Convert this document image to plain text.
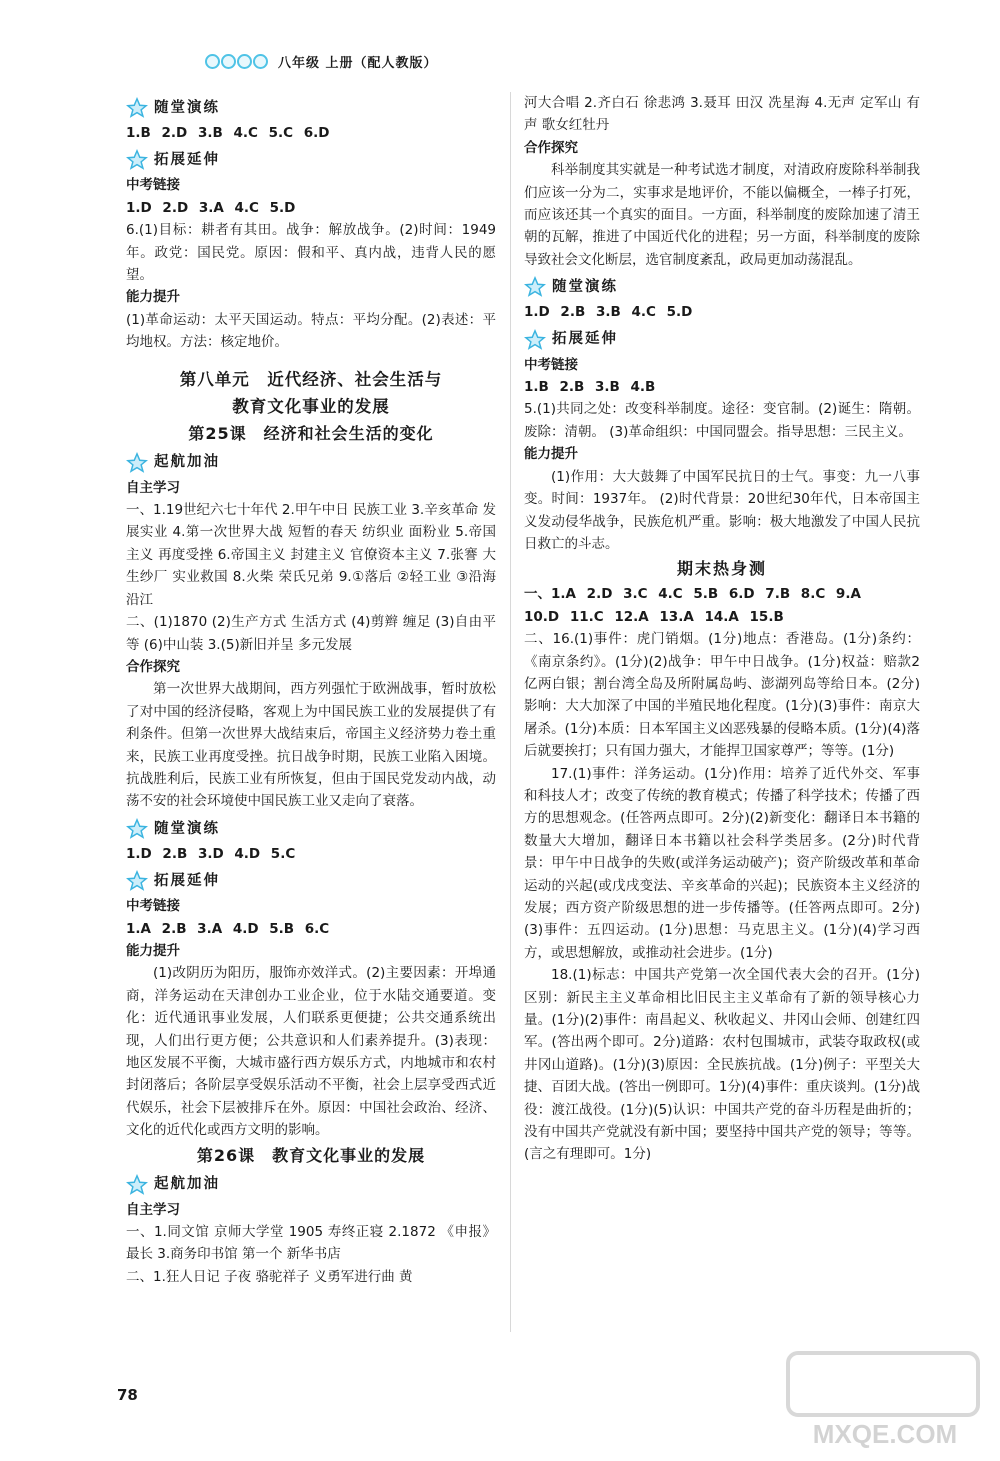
八年级 上册（配人教版）
随堂演练

1.B 2.D 3.B 4.C 5.C 6.D

拓展延伸

中考链接

1.D 2.D 3.A 4.C 5.D

6.(1)目标：耕者有其田。战争：解放战争。(2)时间：1949年。政党：国民党。原因：假和平、真内战，违背人民的愿望。

能力提升

(1)革命运动：太平天国运动。特点：平均分配。(2)表述：平均地权。方法：核定地价。

第八单元　近代经济、社会生活与
教育文化事业的发展
第25课　经济和社会生活的变化
起航加油

自主学习

一、1.19世纪六七十年代 2.甲午中日 民族工业 3.辛亥革命 发展实业 4.第一次世界大战 短暂的春天 纺织业 面粉业 5.帝国主义 再度受挫 6.帝国主义 封建主义 官僚资本主义 7.张謇 大生纱厂 实业救国 8.火柴 荣氏兄弟 9.①落后 ②轻工业 ③沿海沿江

二、(1)1870 (2)生产方式 生活方式 (4)剪辫 缠足 (3)自由平等 (6)中山装 3.(5)新旧并呈 多元发展

合作探究

第一次世界大战期间，西方列强忙于欧洲战事，暂时放松了对中国的经济侵略，客观上为中国民族工业的发展提供了有利条件。但第一次世界大战结束后，帝国主义经济势力卷土重来，民族工业再度受挫。抗日战争时期，民族工业陷入困境。抗战胜利后，民族工业有所恢复，但由于国民党发动内战，动荡不安的社会环境使中国民族工业又走向了衰落。

随堂演练

1.D 2.B 3.D 4.D 5.C

拓展延伸

中考链接

1.A 2.B 3.A 4.D 5.B 6.C

能力提升

(1)改阴历为阳历，服饰亦效洋式。(2)主要因素：开埠通商，洋务运动在天津创办工业企业，位于水陆交通要道。变化：近代通讯事业发展，人们联系更便捷；公共交通系统出现，人们出行更方便；公共意识和人们素养提升。(3)表现：地区发展不平衡，大城市盛行西方娱乐方式，内地城市和农村封闭落后；各阶层享受娱乐活动不平衡，社会上层享受西式近代娱乐，社会下层被排斥在外。原因：中国社会政治、经济、文化的近代化或西方文明的影响。

第26课　教育文化事业的发展
起航加油

自主学习

一、1.同文馆 京师大学堂 1905 寿终正寝 2.1872 《申报》 最长 3.商务印书馆 第一个 新华书店

二、1.狂人日记 子夜 骆驼祥子 义勇军进行曲 黄

河大合唱 2.齐白石 徐悲鸿 3.聂耳 田汉 冼星海 4.无声 定军山 有声 歌女红牡丹

合作探究

科举制度其实就是一种考试选才制度，对清政府废除科举制我们应该一分为二，实事求是地评价，不能以偏概全，一棒子打死，而应该还其一个真实的面目。一方面，科举制度的废除加速了清王朝的瓦解，推进了中国近代化的进程；另一方面，科举制度的废除导致社会文化断层，选官制度紊乱，政局更加动荡混乱。

随堂演练

1.D 2.B 3.B 4.C 5.D

拓展延伸

中考链接

1.B 2.B 3.B 4.B

5.(1)共同之处：改变科举制度。途径：变官制。(2)诞生：隋朝。废除：清朝。 (3)革命组织：中国同盟会。指导思想：三民主义。

能力提升

(1)作用：大大鼓舞了中国军民抗日的士气。事变：九一八事变。时间：1937年。 (2)时代背景：20世纪30年代，日本帝国主义发动侵华战争，民族危机严重。影响：极大地激发了中国人民抗日救亡的斗志。

期末热身测

一、1.A 2.D 3.C 4.C 5.B 6.D 7.B 8.C 9.A

10.D 11.C 12.A 13.A 14.A 15.B

二、16.(1)事件：虎门销烟。(1分)地点：香港岛。(1分)条约：《南京条约》。(1分)(2)战争：甲午中日战争。(1分)权益：赔款2亿两白银；割台湾全岛及所附属岛屿、澎湖列岛等给日本。(2分)影响：大大加深了中国的半殖民地化程度。(1分)(3)事件：南京大屠杀。(1分)本质：日本军国主义凶恶残暴的侵略本质。(1分)(4)落后就要挨打；只有国力强大，才能捍卫国家尊严；等等。(1分)

17.(1)事件：洋务运动。(1分)作用：培养了近代外交、军事和科技人才；改变了传统的教育模式；传播了科学技术；传播了西方的思想观念。(任答两点即可。2分)(2)新变化：翻译日本书籍的数量大大增加，翻译日本书籍以社会科学类居多。(2分)时代背景：甲午中日战争的失败(或洋务运动破产)；资产阶级改革和革命运动的兴起(或戊戌变法、辛亥革命的兴起)；民族资本主义经济的发展；西方资产阶级思想的进一步传播等。(任答两点即可。2分)(3)事件：五四运动。(1分)思想：马克思主义。(1分)(4)学习西方，或思想解放，或推动社会进步。(1分)

18.(1)标志：中国共产党第一次全国代表大会的召开。(1分)区别：新民主主义革命相比旧民主主义革命有了新的领导核心力量。(1分)(2)事件：南昌起义、秋收起义、井冈山会师、创建红四军。(答出两个即可。2分)道路：农村包围城市，武装夺取政权(或井冈山道路)。(1分)(3)原因：全民族抗战。(1分)例子：平型关大捷、百团大战。(答出一例即可。1分)(4)事件：重庆谈判。(1分)战役：渡江战役。(1分)(5)认识：中国共产党的奋斗历程是曲折的；没有中国共产党就没有新中国；要坚持中国共产党的领导；等等。(言之有理即可。1分)

78
MXQE.COM
